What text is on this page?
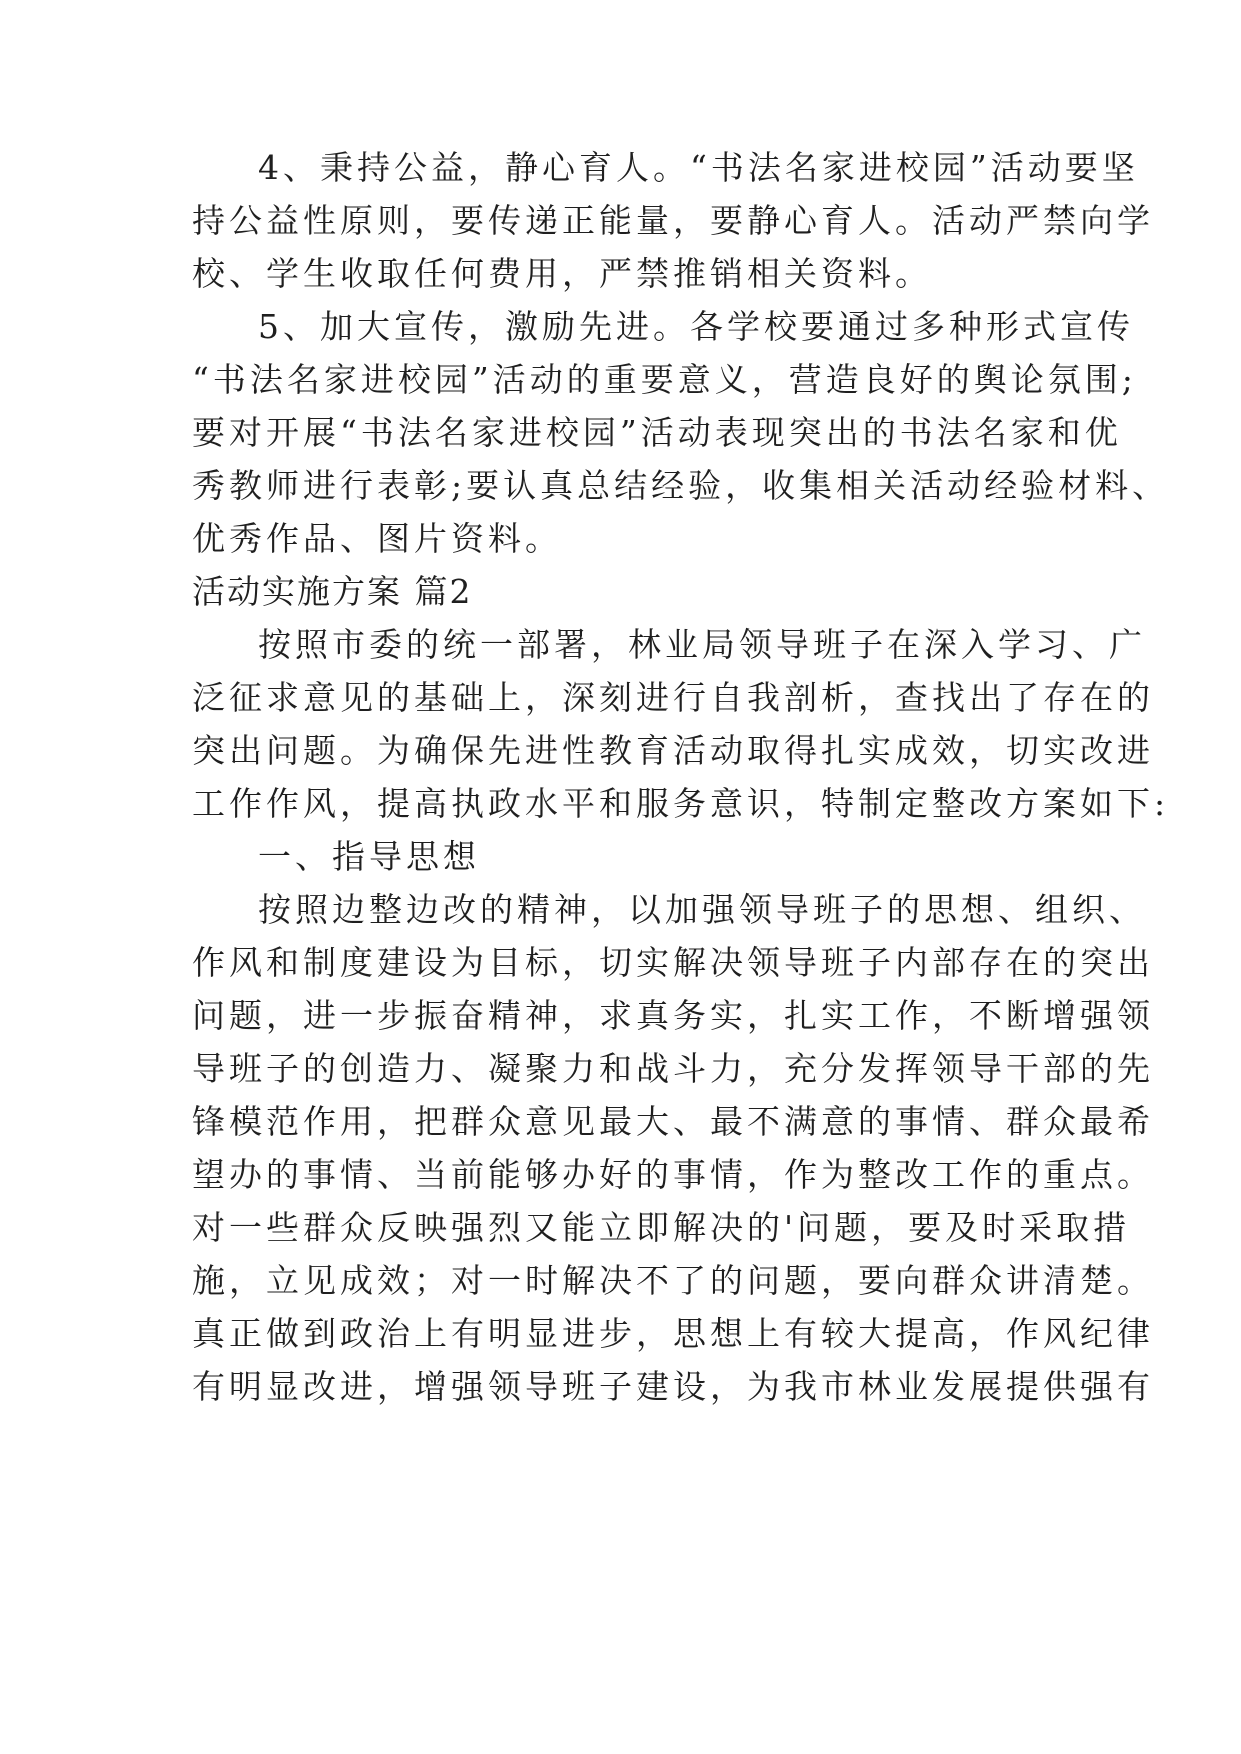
4、秉持公益，静心育人。“书法名家进校园”活动要坚
持公益性原则，要传递正能量，要静心育人。活动严禁向学
校、学生收取任何费用，严禁推销相关资料。
5、加大宣传，激励先进。各学校要通过多种形式宣传
“书法名家进校园”活动的重要意义，营造良好的舆论氛围;
要对开展“书法名家进校园”活动表现突出的书法名家和优
秀教师进行表彰;要认真总结经验，收集相关活动经验材料、
优秀作品、图片资料。
活动实施方案 篇2
按照市委的统一部署，林业局领导班子在深入学习、广
泛征求意见的基础上，深刻进行自我剖析，查找出了存在的
突出问题。为确保先进性教育活动取得扎实成效，切实改进
工作作风，提高执政水平和服务意识，特制定整改方案如下:
一、指导思想
按照边整边改的精神，以加强领导班子的思想、组织、
作风和制度建设为目标，切实解决领导班子内部存在的突出
问题，进一步振奋精神，求真务实，扎实工作，不断增强领
导班子的创造力、凝聚力和战斗力，充分发挥领导干部的先
锋模范作用，把群众意见最大、最不满意的事情、群众最希
望办的事情、当前能够办好的事情，作为整改工作的重点。
对一些群众反映强烈又能立即解决的'问题，要及时采取措
施，立见成效；对一时解决不了的问题，要向群众讲清楚。
真正做到政治上有明显进步，思想上有较大提高，作风纪律
有明显改进，增强领导班子建设，为我市林业发展提供强有
